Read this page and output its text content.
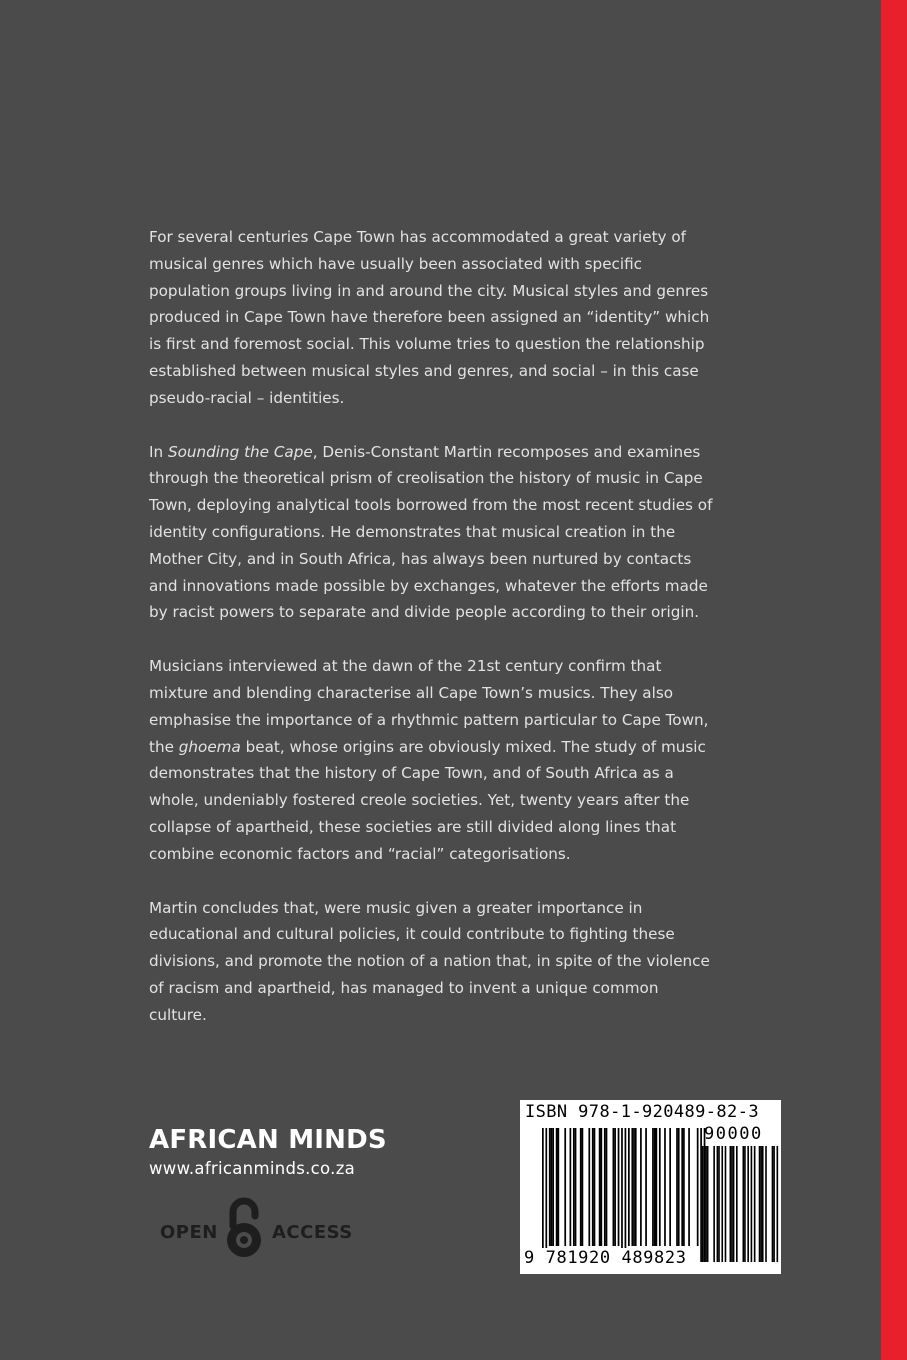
For several centuries Cape Town has accommodated a great variety of musical genres which have usually been associated with specific population groups living in and around the city. Musical styles and genres produced in Cape Town have therefore been assigned an “identity” which is first and foremost social. This volume tries to question the relationship established between musical styles and genres, and social – in this case pseudo-racial – identities.

In Sounding the Cape, Denis-Constant Martin recomposes and examines through the theoretical prism of creolisation the history of music in Cape Town, deploying analytical tools borrowed from the most recent studies of identity configurations. He demonstrates that musical creation in the Mother City, and in South Africa, has always been nurtured by contacts and innovations made possible by exchanges, whatever the efforts made by racist powers to separate and divide people according to their origin.

Musicians interviewed at the dawn of the 21st century confirm that mixture and blending characterise all Cape Town’s musics. They also emphasise the importance of a rhythmic pattern particular to Cape Town, the ghoema beat, whose origins are obviously mixed. The study of music demonstrates that the history of Cape Town, and of South Africa as a whole, undeniably fostered creole societies. Yet, twenty years after the collapse of apartheid, these societies are still divided along lines that combine economic factors and “racial” categorisations.

Martin concludes that, were music given a greater importance in educational and cultural policies, it could contribute to fighting these divisions, and promote the notion of a nation that, in spite of the violence of racism and apartheid, has managed to invent a unique common culture.

AFRICAN MINDS
www.africanminds.co.za
OPEN	ACCESS
ISBN 978-1-920489-82-3
90000
9 781920 489823
